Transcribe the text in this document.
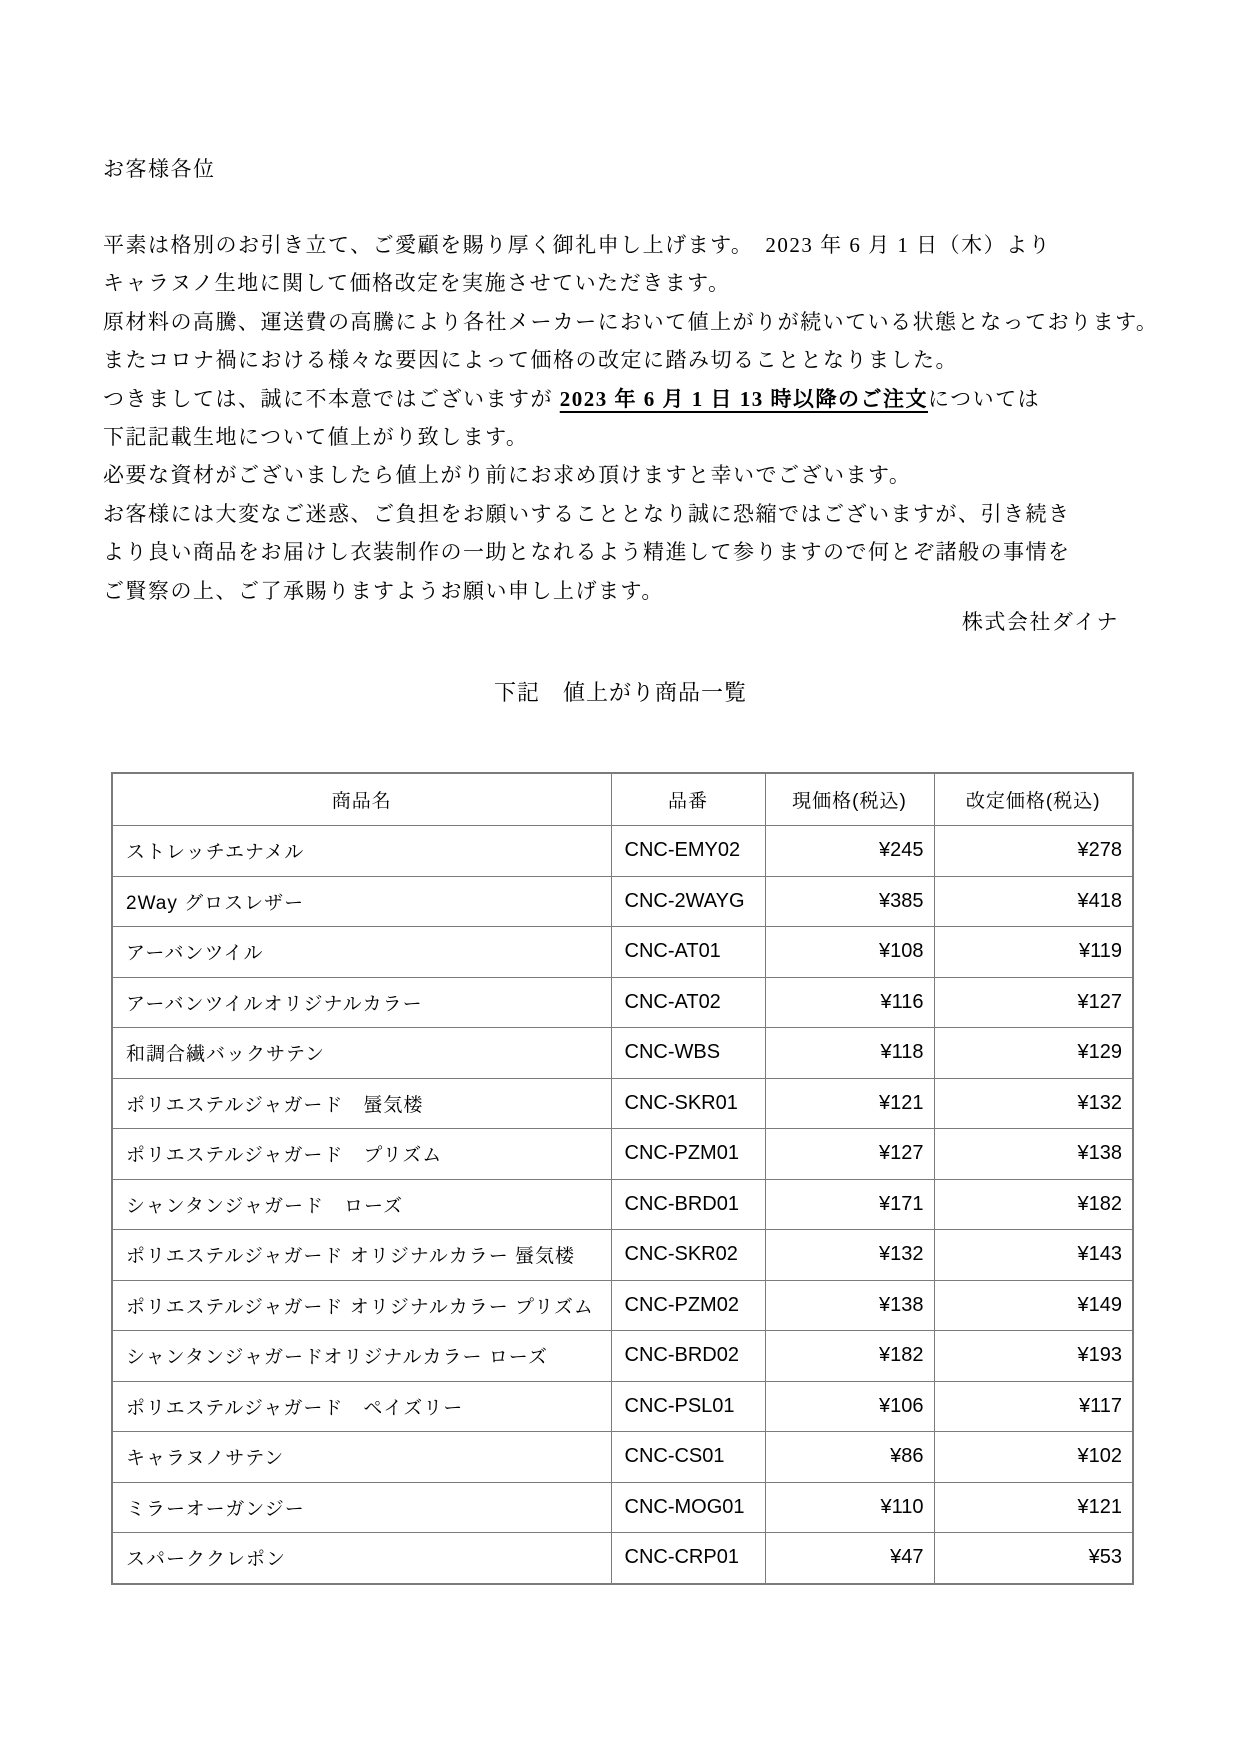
お客様各位
平素は格別のお引き立て、ご愛顧を賜り厚く御礼申し上げます。　2023 年 6 月 1 日（木）より
キャラヌノ生地に関して価格改定を実施させていただきます。
原材料の高騰、運送費の高騰により各社メーカーにおいて値上がりが続いている状態となっております。
またコロナ禍における様々な要因によって価格の改定に踏み切ることとなりました。
つきましては、誠に不本意ではございますが 2023 年 6 月 1 日 13 時以降のご注文については
下記記載生地について値上がり致します。
必要な資材がございましたら値上がり前にお求め頂けますと幸いでございます。
お客様には大変なご迷惑、ご負担をお願いすることとなり誠に恐縮ではございますが、引き続き
より良い商品をお届けし衣装制作の一助となれるよう精進して参りますので何とぞ諸般の事情を
ご賢察の上、ご了承賜りますようお願い申し上げます。
株式会社ダイナ
下記　値上がり商品一覧
商品名	品番	現価格(税込)	改定価格(税込)
ストレッチエナメル	CNC-EMY02	¥245	¥278
2Way グロスレザー	CNC-2WAYG	¥385	¥418
アーバンツイル	CNC-AT01	¥108	¥119
アーバンツイルオリジナルカラー	CNC-AT02	¥116	¥127
和調合繊バックサテン	CNC-WBS	¥118	¥129
ポリエステルジャガード　蜃気楼	CNC-SKR01	¥121	¥132
ポリエステルジャガード　プリズム	CNC-PZM01	¥127	¥138
シャンタンジャガード　ローズ	CNC-BRD01	¥171	¥182
ポリエステルジャガード オリジナルカラー 蜃気楼	CNC-SKR02	¥132	¥143
ポリエステルジャガード オリジナルカラー プリズム	CNC-PZM02	¥138	¥149
シャンタンジャガードオリジナルカラー ローズ	CNC-BRD02	¥182	¥193
ポリエステルジャガード　ペイズリー	CNC-PSL01	¥106	¥117
キャラヌノサテン	CNC-CS01	¥86	¥102
ミラーオーガンジー	CNC-MOG01	¥110	¥121
スパーククレポン	CNC-CRP01	¥47	¥53
